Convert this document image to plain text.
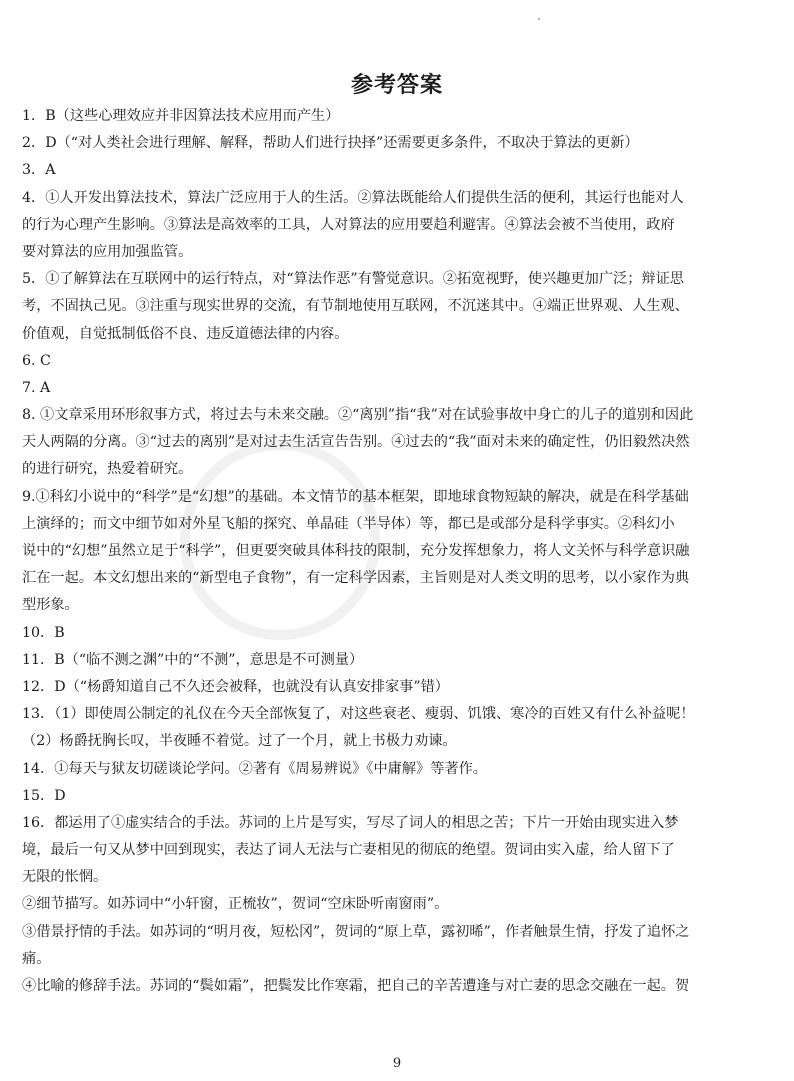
参考答案
1．B（这些心理效应并非因算法技术应用而产生）
2．D（“对人类社会进行理解、解释，帮助人们进行抉择”还需要更多条件，不取决于算法的更新）
3．A
4．①人开发出算法技术，算法广泛应用于人的生活。②算法既能给人们提供生活的便利，其运行也能对人
的行为心理产生影响。③算法是高效率的工具，人对算法的应用要趋利避害。④算法会被不当使用，政府
要对算法的应用加强监管。
5．①了解算法在互联网中的运行特点，对“算法作恶”有警觉意识。②拓宽视野，使兴趣更加广泛；辩证思
考，不固执己见。③注重与现实世界的交流，有节制地使用互联网，不沉迷其中。④端正世界观、人生观、
价值观，自觉抵制低俗不良、违反道德法律的内容。
6. C
7. A
8. ①文章采用环形叙事方式，将过去与未来交融。②“离别”指“我”对在试验事故中身亡的儿子的道别和因此
天人两隔的分离。③“过去的离别”是对过去生活宣告告别。④过去的“我”面对未来的确定性，仍旧毅然决然
的进行研究，热爱着研究。
9.①科幻小说中的“科学”是“幻想”的基础。本文情节的基本框架，即地球食物短缺的解决，就是在科学基础
上演绎的；而文中细节如对外星飞船的探究、单晶硅（半导体）等，都已是或部分是科学事实。②科幻小
说中的“幻想”虽然立足于“科学”，但更要突破具体科技的限制，充分发挥想象力，将人文关怀与科学意识融
汇在一起。本文幻想出来的“新型电子食物”，有一定科学因素，主旨则是对人类文明的思考，以小家作为典
型形象。
10．B
11．B（“临不测之渊”中的“不测”，意思是不可测量）
12．D（“杨爵知道自己不久还会被释，也就没有认真安排家事”错）
13．（1）即使周公制定的礼仪在今天全部恢复了，对这些衰老、瘦弱、饥饿、寒冷的百姓又有什么补益呢！
（2）杨爵抚胸长叹，半夜睡不着觉。过了一个月，就上书极力劝谏。
14．①每天与狱友切磋谈论学问。②著有《周易辨说》《中庸解》等著作。
15．D
16．都运用了①虚实结合的手法。苏词的上片是写实，写尽了词人的相思之苦；下片一开始由现实进入梦
境，最后一句又从梦中回到现实，表达了词人无法与亡妻相见的彻底的绝望。贺词由实入虚，给人留下了
无限的怅惘。
②细节描写。如苏词中“小轩窗，正梳妆”，贺词“空床卧听南窗雨”。
③借景抒情的手法。如苏词的“明月夜，短松冈”，贺词的“原上草，露初晞”，作者触景生情，抒发了追怀之
痛。
④比喻的修辞手法。苏词的“鬓如霜”，把鬓发比作寒霜，把自己的辛苦遭逢与对亡妻的思念交融在一起。贺
9
